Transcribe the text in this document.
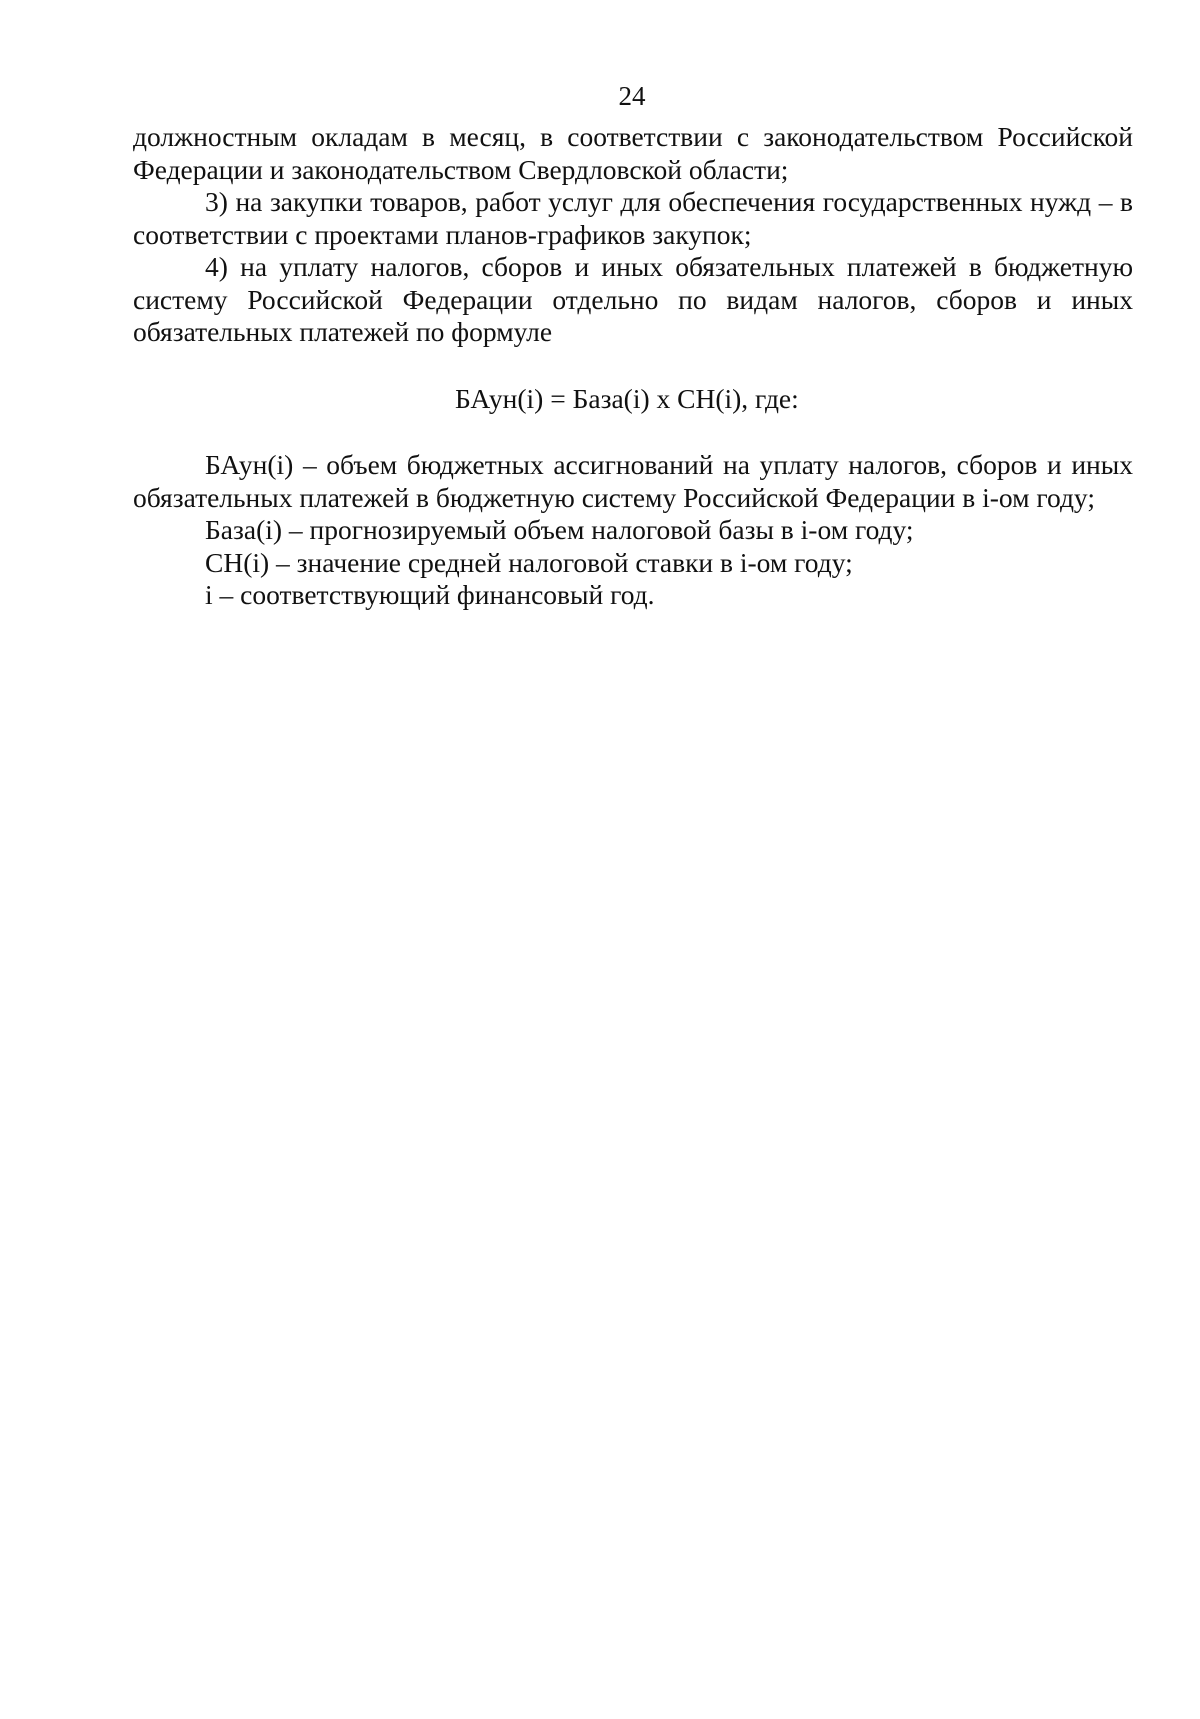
24

должностным окладам в месяц, в соответствии с законодательством Российской Федерации и законодательством Свердловской области;

3) на закупки товаров, работ услуг для обеспечения государственных нужд – в соответствии с проектами планов-графиков закупок;

4) на уплату налогов, сборов и иных обязательных платежей в бюджетную систему Российской Федерации отдельно по видам налогов, сборов и иных обязательных платежей по формуле

БАун(i) = База(i) x СН(i), где:

БАун(i) – объем бюджетных ассигнований на уплату налогов, сборов и иных обязательных платежей в бюджетную систему Российской Федерации в i-ом году;

База(i) – прогнозируемый объем налоговой базы в i-ом году;

СН(i) – значение средней налоговой ставки в i-ом году;

i – соответствующий финансовый год.
